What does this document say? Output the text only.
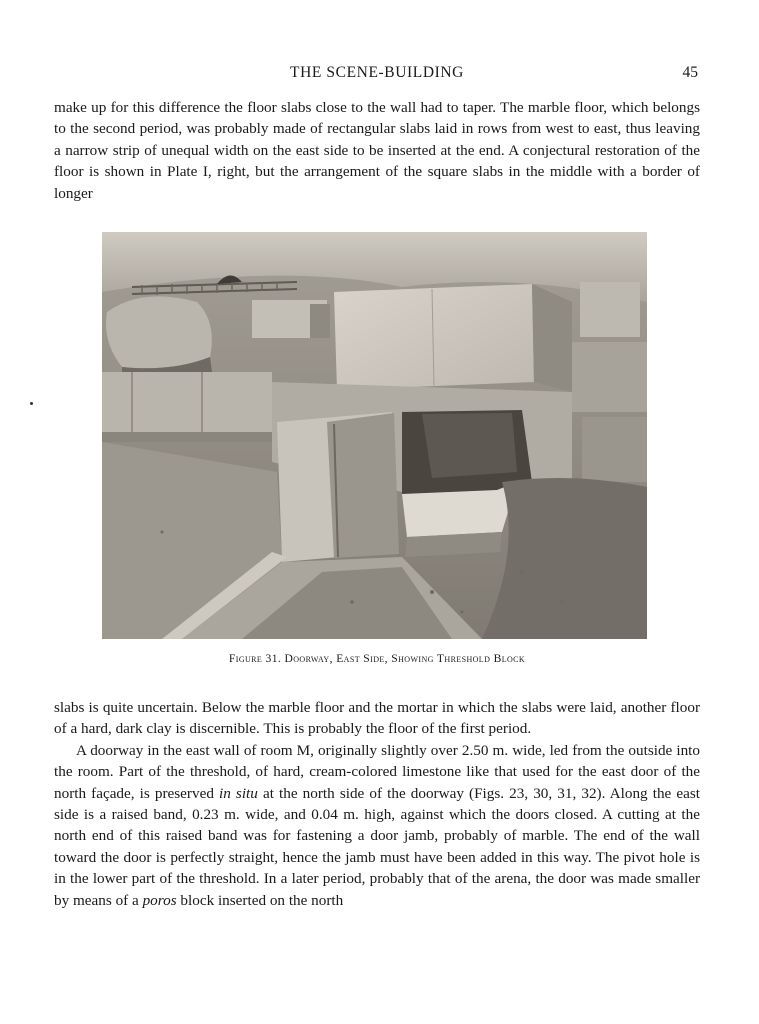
THE SCENE-BUILDING	45

make up for this difference the floor slabs close to the wall had to taper. The marble floor, which belongs to the second period, was probably made of rectangular slabs laid in rows from west to east, thus leaving a narrow strip of unequal width on the east side to be inserted at the end. A conjectural restoration of the floor is shown in Plate I, right, but the arrangement of the square slabs in the middle with a border of longer

Figure 31. Doorway, East Side, Showing Threshold Block

slabs is quite uncertain. Below the marble floor and the mortar in which the slabs were laid, another floor of a hard, dark clay is discernible. This is probably the floor of the first period.

A doorway in the east wall of room M, originally slightly over 2.50 m. wide, led from the outside into the room. Part of the threshold, of hard, cream-colored limestone like that used for the east door of the north façade, is preserved in situ at the north side of the doorway (Figs. 23, 30, 31, 32). Along the east side is a raised band, 0.23 m. wide, and 0.04 m. high, against which the doors closed. A cutting at the north end of this raised band was for fastening a door jamb, probably of marble. The end of the wall toward the door is perfectly straight, hence the jamb must have been added in this way. The pivot hole is in the lower part of the threshold. In a later period, probably that of the arena, the door was made smaller by means of a poros block inserted on the north
